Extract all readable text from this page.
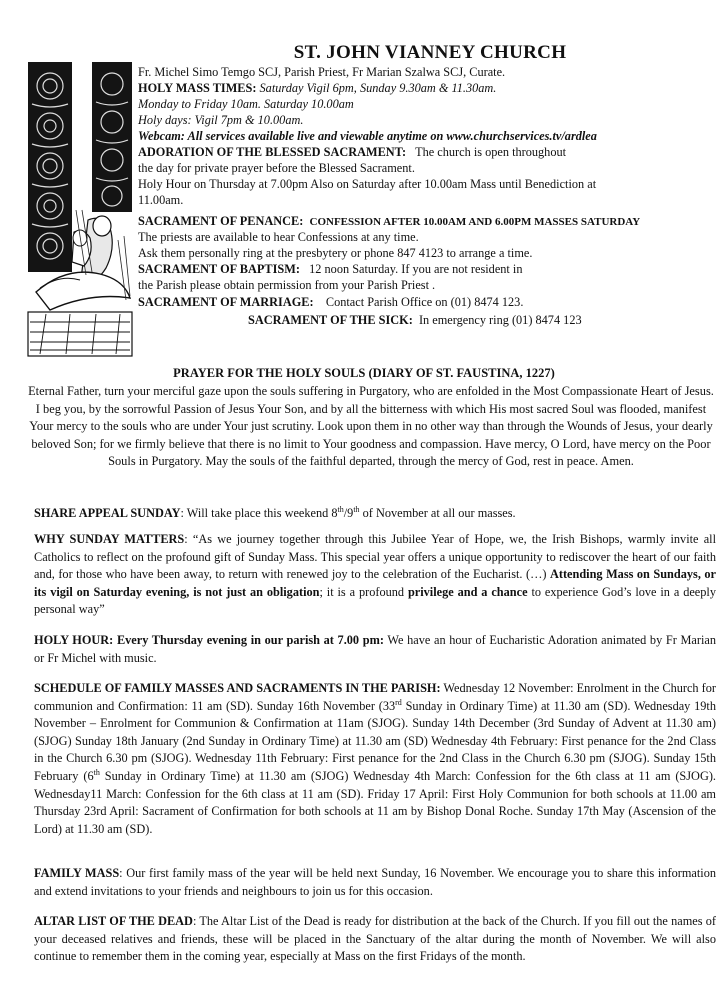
ST. JOHN VIANNEY CHURCH
Fr. Michel Simo Temgo SCJ, Parish Priest, Fr Marian Szalwa SCJ, Curate.
HOLY MASS TIMES: Saturday Vigil 6pm, Sunday 9.30am & 11.30am.
Monday to Friday 10am. Saturday 10.00am
Holy days: Vigil 7pm & 10.00am.
Webcam: All services available live and viewable anytime on www.churchservices.tv/ardlea
ADORATION OF THE BLESSED SACRAMENT: The church is open throughout
the day for private prayer before the Blessed Sacrament.
Holy Hour on Thursday at 7.00pm Also on Saturday after 10.00am Mass until Benediction at
11.00am.
SACRAMENT OF PENANCE: CONFESSION AFTER 10.00AM AND 6.00PM MASSES SATURDAY
The priests are available to hear Confessions at any time.
Ask them personally ring at the presbytery or phone 847 4123 to arrange a time.
SACRAMENT OF BAPTISM: 12 noon Saturday. If you are not resident in
the Parish please obtain permission from your Parish Priest .
SACRAMENT OF MARRIAGE: Contact Parish Office on (01) 8474 123.
SACRAMENT OF THE SICK: In emergency ring (01) 8474 123
PRAYER FOR THE HOLY SOULS (DIARY OF ST. FAUSTINA, 1227)

Eternal Father, turn your merciful gaze upon the souls suffering in Purgatory, who are enfolded in the Most Compassionate Heart of Jesus. I beg you, by the sorrowful Passion of Jesus Your Son, and by all the bitterness with which His most sacred Soul was flooded, manifest Your mercy to the souls who are under Your just scrutiny. Look upon them in no other way than through the Wounds of Jesus, your dearly beloved Son; for we firmly believe that there is no limit to Your goodness and compassion. Have mercy, O Lord, have mercy on the Poor Souls in Purgatory. May the souls of the faithful departed, through the mercy of God, rest in peace. Amen.

SHARE APPEAL SUNDAY: Will take place this weekend 8th/9th of November at all our masses.

WHY SUNDAY MATTERS: “As we journey together through this Jubilee Year of Hope, we, the Irish Bishops, warmly invite all Catholics to reflect on the profound gift of Sunday Mass. This special year offers a unique opportunity to rediscover the heart of our faith and, for those who have been away, to return with renewed joy to the celebration of the Eucharist. (…) Attending Mass on Sundays, or its vigil on Saturday evening, is not just an obligation; it is a profound privilege and a chance to experience God’s love in a deeply personal way”

HOLY HOUR: Every Thursday evening in our parish at 7.00 pm: We have an hour of Eucharistic Adoration animated by Fr Marian or Fr Michel with music.

SCHEDULE OF FAMILY MASSES AND SACRAMENTS IN THE PARISH: Wednesday 12 November: Enrolment in the Church for communion and Confirmation: 11 am (SD). Sunday 16th November (33rd Sunday in Ordinary Time) at 11.30 am (SD). Wednesday 19th November – Enrolment for Communion & Confirmation at 11am (SJOG). Sunday 14th December (3rd Sunday of Advent at 11.30 am) (SJOG) Sunday 18th January (2nd Sunday in Ordinary Time) at 11.30 am (SD) Wednesday 4th February: First penance for the 2nd Class in the Church 6.30 pm (SJOG). Wednesday 11th February: First penance for the 2nd Class in the Church 6.30 pm (SJOG). Sunday 15th February (6th Sunday in Ordinary Time) at 11.30 am (SJOG) Wednesday 4th March: Confession for the 6th class at 11 am (SJOG). Wednesday11 March: Confession for the 6th class at 11 am (SD). Friday 17 April: First Holy Communion for both schools at 11.00 am Thursday 23rd April: Sacrament of Confirmation for both schools at 11 am by Bishop Donal Roche. Sunday 17th May (Ascension of the Lord) at 11.30 am (SD).

FAMILY MASS: Our first family mass of the year will be held next Sunday, 16 November. We encourage you to share this information and extend invitations to your friends and neighbours to join us for this occasion.

ALTAR LIST OF THE DEAD: The Altar List of the Dead is ready for distribution at the back of the Church. If you fill out the names of your deceased relatives and friends, these will be placed in the Sanctuary of the altar during the month of November. We will also continue to remember them in the coming year, especially at Mass on the first Fridays of the month.
